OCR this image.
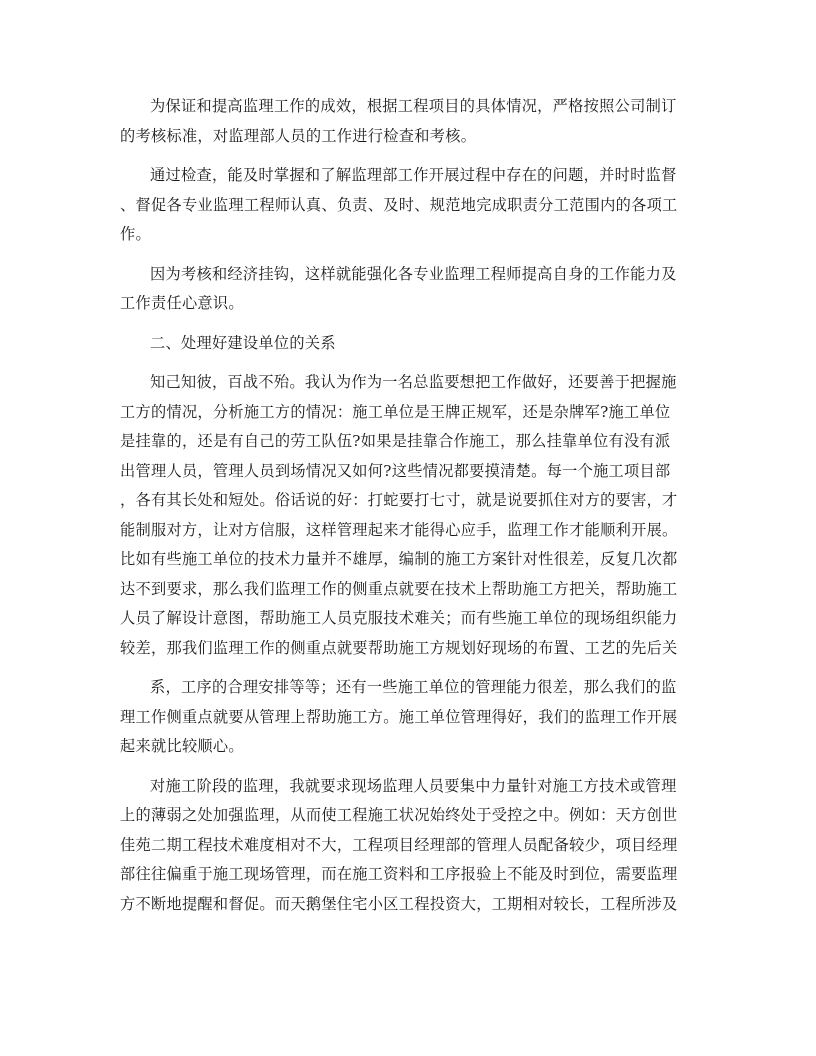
为保证和提高监理工作的成效，根据工程项目的具体情况，严格按照公司制订
的考核标准，对监理部人员的工作进行检查和考核。

通过检查，能及时掌握和了解监理部工作开展过程中存在的问题，并时时监督
、督促各专业监理工程师认真、负责、及时、规范地完成职责分工范围内的各项工
作。

因为考核和经济挂钩，这样就能强化各专业监理工程师提高自身的工作能力及
工作责任心意识。

二、处理好建设单位的关系

知己知彼，百战不殆。我认为作为一名总监要想把工作做好，还要善于把握施
工方的情况，分析施工方的情况：施工单位是王牌正规军，还是杂牌军?施工单位
是挂靠的，还是有自己的劳工队伍?如果是挂靠合作施工，那么挂靠单位有没有派
出管理人员，管理人员到场情况又如何?这些情况都要摸清楚。每一个施工项目部
，各有其长处和短处。俗话说的好：打蛇要打七寸，就是说要抓住对方的要害，才
能制服对方，让对方信服，这样管理起来才能得心应手，监理工作才能顺利开展。
比如有些施工单位的技术力量并不雄厚，编制的施工方案针对性很差，反复几次都
达不到要求，那么我们监理工作的侧重点就要在技术上帮助施工方把关，帮助施工
人员了解设计意图，帮助施工人员克服技术难关；而有些施工单位的现场组织能力
较差，那我们监理工作的侧重点就要帮助施工方规划好现场的布置、工艺的先后关

系，工序的合理安排等等；还有一些施工单位的管理能力很差，那么我们的监
理工作侧重点就要从管理上帮助施工方。施工单位管理得好，我们的监理工作开展
起来就比较顺心。

对施工阶段的监理，我就要求现场监理人员要集中力量针对施工方技术或管理
上的薄弱之处加强监理，从而使工程施工状况始终处于受控之中。例如：天方创世
佳苑二期工程技术难度相对不大，工程项目经理部的管理人员配备较少，项目经理
部往往偏重于施工现场管理，而在施工资料和工序报验上不能及时到位，需要监理
方不断地提醒和督促。而天鹅堡住宅小区工程投资大，工期相对较长，工程所涉及
